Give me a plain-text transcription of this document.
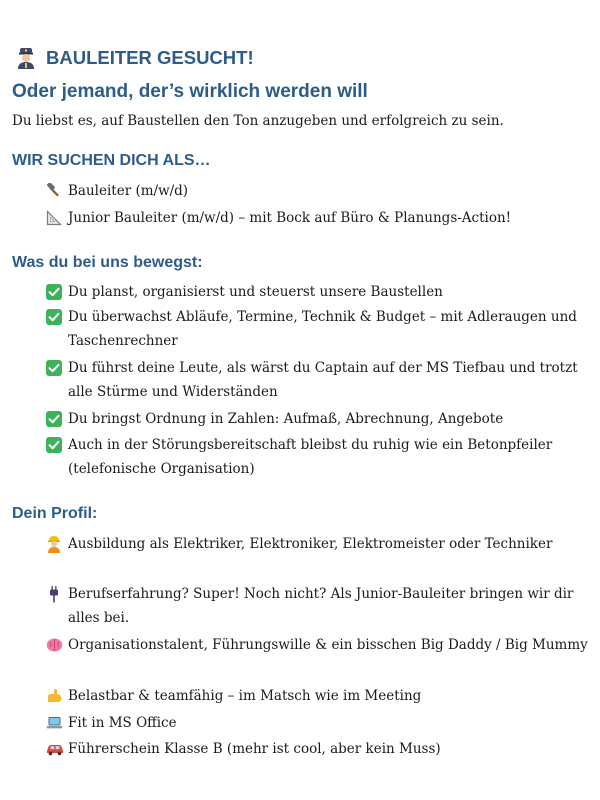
BAULEITER GESUCHT!
Oder jemand, der’s wirklich werden will
Du liebst es, auf Baustellen den Ton anzugeben und erfolgreich zu sein.
WIR SUCHEN DICH ALS…
Bauleiter (m/w/d)
Junior Bauleiter (m/w/d) – mit Bock auf Büro & Planungs-Action!
Was du bei uns bewegst:
Du planst, organisierst und steuerst unsere Baustellen
Du überwachst Abläufe, Termine, Technik & Budget – mit Adleraugen und Taschenrechner
Du führst deine Leute, als wärst du Captain auf der MS Tiefbau und trotzt alle Stürme und Widerständen
Du bringst Ordnung in Zahlen: Aufmaß, Abrechnung, Angebote
Auch in der Störungsbereitschaft bleibst du ruhig wie ein Betonpfeiler (telefonische Organisation)
Dein Profil:
Ausbildung als Elektriker, Elektroniker, Elektromeister oder Techniker
Berufserfahrung? Super! Noch nicht? Als Junior-Bauleiter bringen wir dir alles bei.
Organisationstalent, Führungswille & ein bisschen Big Daddy / Big Mummy
Belastbar & teamfähig – im Matsch wie im Meeting
Fit in MS Office
Führerschein Klasse B (mehr ist cool, aber kein Muss)
